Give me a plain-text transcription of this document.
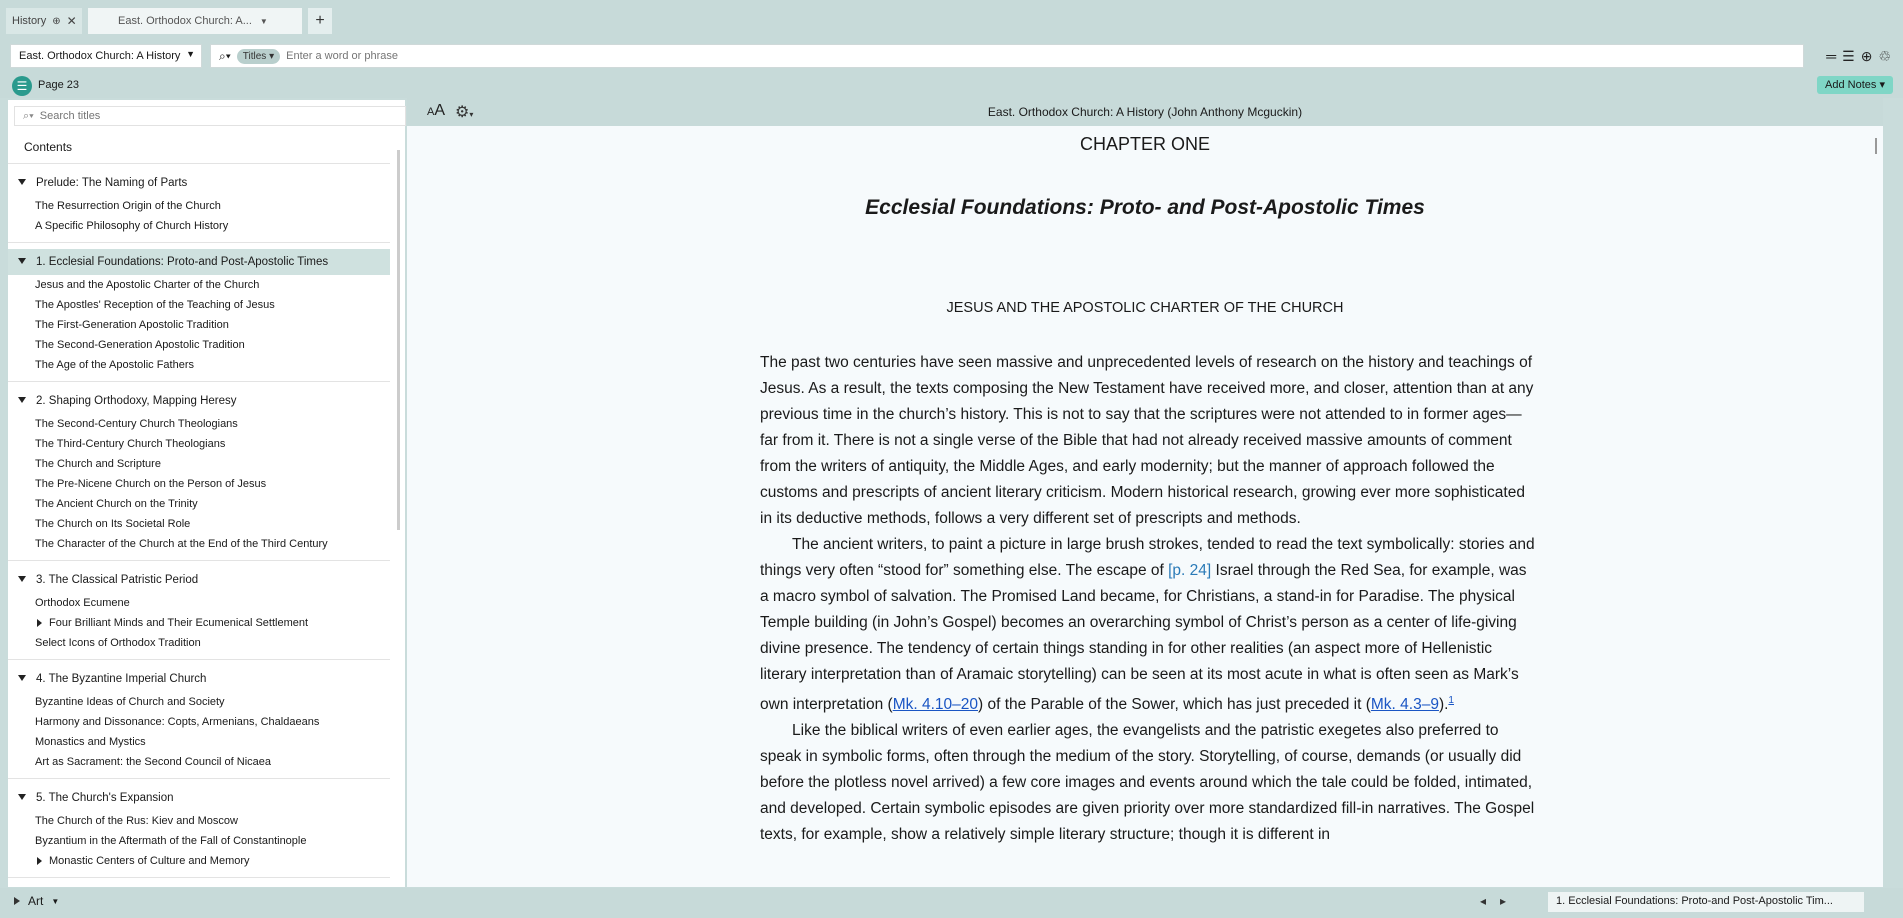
History ⊕ ✕	East. Orthodox Church: A... ▼	+
East. Orthodox Church: A History ▼ ⌕▾	Titles ▾
Enter a word or phrase	═ ☰ ⊕ ♲
☰ Page 23	Add Notes ▾
⌕▾
Search titles
Contents
Prelude: The Naming of Parts
The Resurrection Origin of the Church
A Specific Philosophy of Church History
1. Ecclesial Foundations: Proto-and Post-Apostolic Times
Jesus and the Apostolic Charter of the Church
The Apostles' Reception of the Teaching of Jesus
The First-Generation Apostolic Tradition
The Second-Generation Apostolic Tradition
The Age of the Apostolic Fathers
2. Shaping Orthodoxy, Mapping Heresy
The Second-Century Church Theologians
The Third-Century Church Theologians
The Church and Scripture
The Pre-Nicene Church on the Person of Jesus
The Ancient Church on the Trinity
The Church on Its Societal Role
The Character of the Church at the End of the Third Century
3. The Classical Patristic Period
Orthodox Ecumene
Four Brilliant Minds and Their Ecumenical Settlement
Select Icons of Orthodox Tradition
4. The Byzantine Imperial Church
Byzantine Ideas of Church and Society
Harmony and Dissonance: Copts, Armenians, Chaldaeans
Monastics and Mystics
Art as Sacrament: the Second Council of Nicaea
5. The Church's Expansion
The Church of the Rus: Kiev and Moscow
Byzantium in the Aftermath of the Fall of Constantinople
Monastic Centers of Culture and Memory
AA ⚙▾	East. Orthodox Church: A History (John Anthony Mcguckin)
CHAPTER ONE
Ecclesial Foundations: Proto- and Post-Apostolic Times
JESUS AND THE APOSTOLIC CHARTER OF THE CHURCH

The past two centuries have seen massive and unprecedented levels of research on the history and teachings of Jesus. As a result, the texts composing the New Testament have received more, and closer, attention than at any previous time in the church’s history. This is not to say that the scriptures were not attended to in former ages—far from it. There is not a single verse of the Bible that had not already received massive amounts of comment from the writers of antiquity, the Middle Ages, and early modernity; but the manner of approach followed the customs and prescripts of ancient literary criticism. Modern historical research, growing ever more sophisticated in its deductive methods, follows a very different set of prescripts and methods.

The ancient writers, to paint a picture in large brush strokes, tended to read the text symbolically: stories and things very often “stood for” something else. The escape of [p. 24] Israel through the Red Sea, for example, was a macro symbol of salvation. The Promised Land became, for Christians, a stand-in for Paradise. The physical Temple building (in John’s Gospel) becomes an overarching symbol of Christ’s person as a center of life-giving divine presence. The tendency of certain things standing in for other realities (an aspect more of Hellenistic literary interpretation than of Aramaic storytelling) can be seen at its most acute in what is often seen as Mark’s own interpretation (Mk. 4.10–20) of the Parable of the Sower, which has just preceded it (Mk. 4.3–9).$^1$

Like the biblical writers of even earlier ages, the evangelists and the patristic exegetes also preferred to speak in symbolic forms, often through the medium of the story. Storytelling, of course, demands (or usually did before the plotless novel arrived) a few core images and events around which the tale could be folded, intimated, and developed. Certain symbolic episodes are given priority over more standardized fill-in narratives. The Gospel texts, for example, show a relatively simple literary structure; though it is different in

Art ▼	◂ ▸	1. Ecclesial Foundations: Proto-and Post-Apostolic Tim...
